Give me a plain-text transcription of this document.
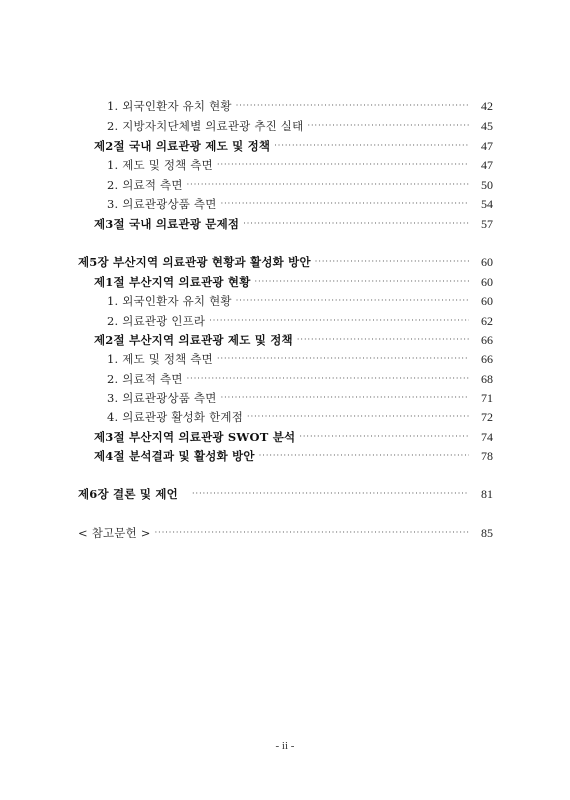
1. 외국인환자 유치 현황 ·····	42
2. 지방자치단체별 의료관광 추진 실태 ·····	45
제2절 국내 의료관광 제도 및 정책 ·····	47
1. 제도 및 정책 측면 ·····	47
2. 의료적 측면 ·····	50
3. 의료관광상품 측면 ·····	54
제3절 국내 의료관광 문제점 ·····	57
제5장 부산지역 의료관광 현황과 활성화 방안 ·····	60
제1절 부산지역 의료관광 현황 ·····	60
1. 외국인환자 유치 현황 ·····	60
2. 의료관광 인프라 ·····	62
제2절 부산지역 의료관광 제도 및 정책 ·····	66
1. 제도 및 정책 측면 ·····	66
2. 의료적 측면 ·····	68
3. 의료관광상품 측면 ·····	71
4. 의료관광 활성화 한계점 ·····	72
제3절 부산지역 의료관광 SWOT 분석 ·····	74
제4절 분석결과 및 활성화 방안 ·····	78
제6장 결론 및 제언 ·····	81
< 참고문헌 > ·····	85
- ii -
